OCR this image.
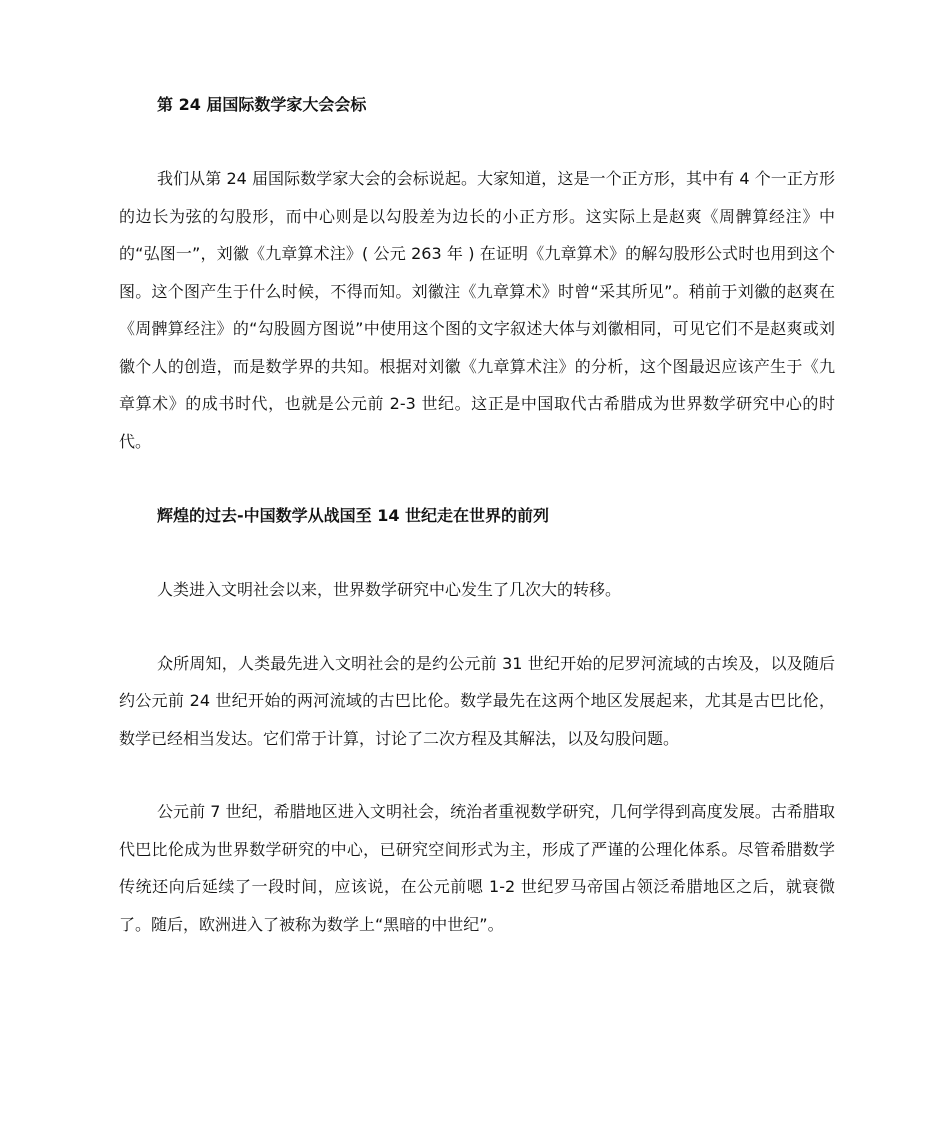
第 24 届国际数学家大会会标

我们从第 24 届国际数学家大会的会标说起。大家知道，这是一个正方形，其中有 4 个一正方形的边长为弦的勾股形，而中心则是以勾股差为边长的小正方形。这实际上是赵爽《周髀算经注》中的“弘图一”，刘徽《九章算术注》( 公元 263 年 ) 在证明《九章算术》的解勾股形公式时也用到这个图。这个图产生于什么时候，不得而知。刘徽注《九章算术》时曾“采其所见”。稍前于刘徽的赵爽在《周髀算经注》的“勾股圆方图说”中使用这个图的文字叙述大体与刘徽相同，可见它们不是赵爽或刘徽个人的创造，而是数学界的共知。根据对刘徽《九章算术注》的分析，这个图最迟应该产生于《九章算术》的成书时代，也就是公元前 2-3 世纪。这正是中国取代古希腊成为世界数学研究中心的时代。

辉煌的过去-中国数学从战国至 14 世纪走在世界的前列

人类进入文明社会以来，世界数学研究中心发生了几次大的转移。

众所周知，人类最先进入文明社会的是约公元前 31 世纪开始的尼罗河流域的古埃及，以及随后约公元前 24 世纪开始的两河流域的古巴比伦。数学最先在这两个地区发展起来，尤其是古巴比伦，数学已经相当发达。它们常于计算，讨论了二次方程及其解法，以及勾股问题。

公元前 7 世纪，希腊地区进入文明社会，统治者重视数学研究，几何学得到高度发展。古希腊取代巴比伦成为世界数学研究的中心，已研究空间形式为主，形成了严谨的公理化体系。尽管希腊数学传统还向后延续了一段时间，应该说，在公元前嗯 1-2 世纪罗马帝国占领泛希腊地区之后，就衰微了。随后，欧洲进入了被称为数学上“黑暗的中世纪”。
